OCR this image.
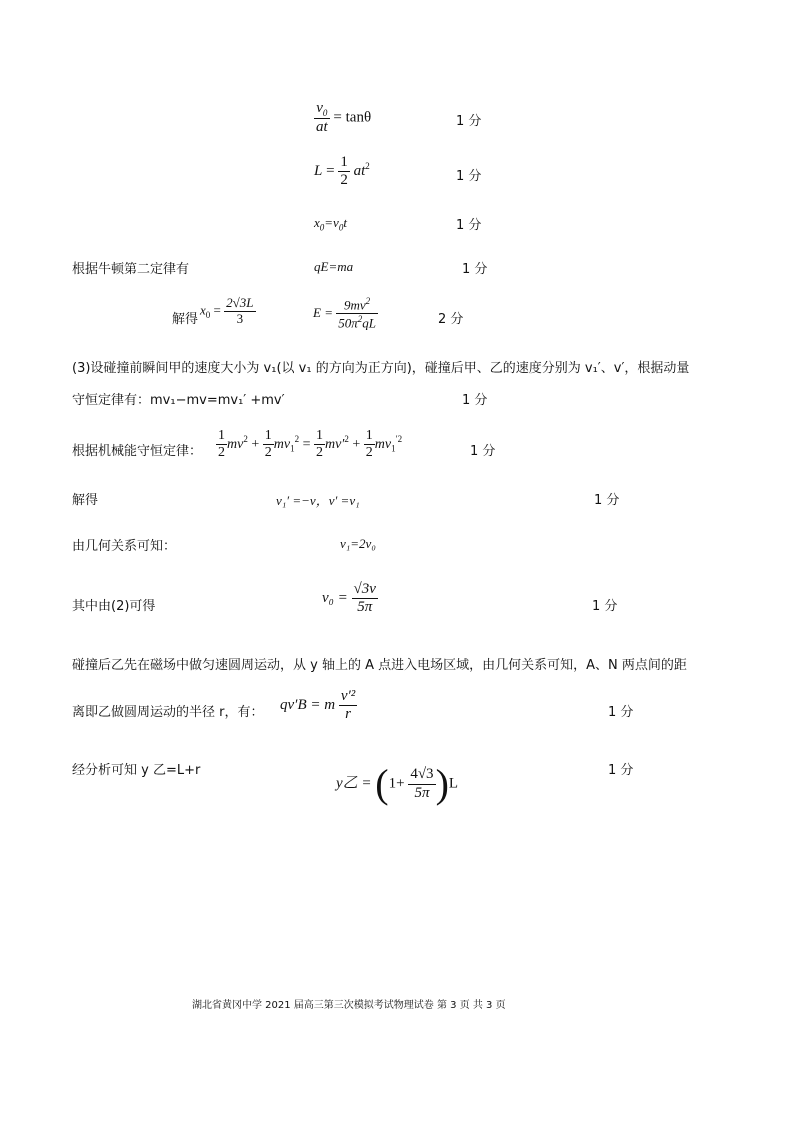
$\frac{v_0}{at} = \tan\theta$	1 分
$L = \frac{1}{2} at^2$
1 分
$x_0=v_0t$	1 分
根据牛顿第二定律有	qE=ma	1 分
解得
$x_0 = \frac{2√3L}{3}$	$E = \frac{9mv^2}{50\pi^2qL}$	2 分
(3)设碰撞前瞬间甲的速度大小为 v₁(以 v₁ 的方向为正方向)，碰撞后甲、乙的速度分别为 v₁′、v′，根据动量
守恒定律有：mv₁−mv=mv₁′ +mv′	1 分
根据机械能守恒定律： $\frac{1}{2} mv^2 + \frac{1}{2} mv_1^2 = \frac{1}{2} mv'^2 + \frac{1}{2} mv_1^{'2}$
1 分
解得	v₁′ =−v，v′ =v₁	1 分
由几何关系可知：	v₁=2v₀
其中由(2)可得
$v_0 = \frac{√3v}{5\pi}$	1 分
碰撞后乙先在磁场中做匀速圆周运动，从 y 轴上的 A 点进入电场区域，由几何关系可知，A、N 两点间的距
离即乙做圆周运动的半径 r，有： qv′B = m $\frac{\text{v′²}}{r}$	1 分
经分析可知 y 乙=L+r
y乙 = $(1+ \frac{4√3}{5\pi} )L$
1 分
湖北省黄冈中学 2021 届高三第三次模拟考试物理试卷 第 3 页 共 3 页
